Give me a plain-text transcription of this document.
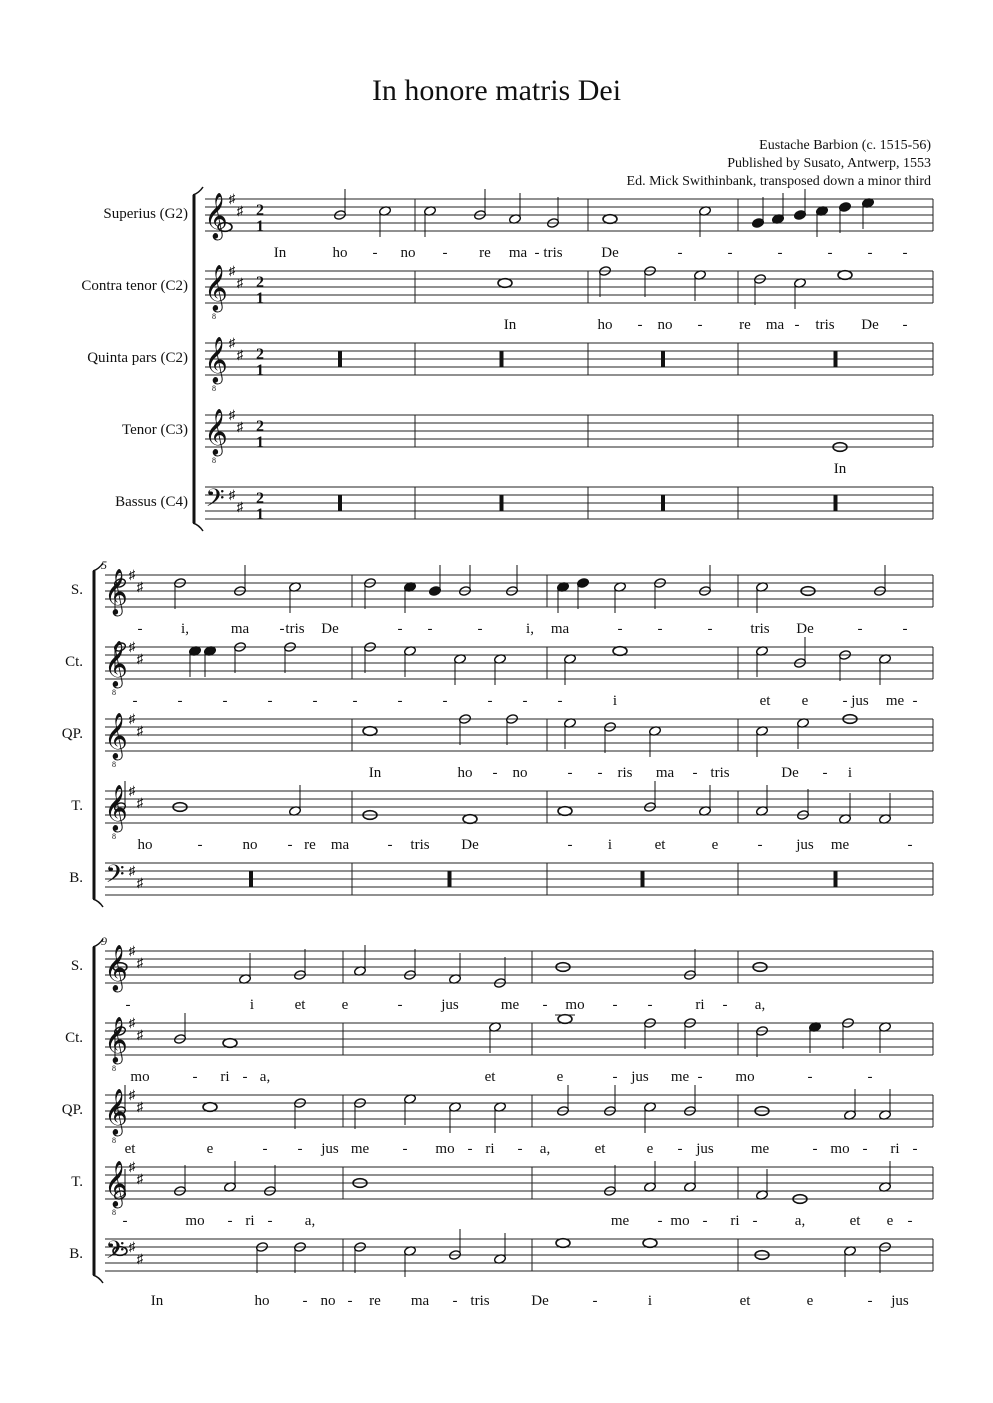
In honore matris Dei
Eustache Barbion (c. 1515-56)
Published by Susato, Antwerp, 1553
Ed. Mick Swithinbank, transposed down a minor third
Superius (G2) 𝄞 ♯
♯ 2
1
In	ho - no - re ma - tris	De	-	-	-	- - -
Contra tenor (C2) 𝄞
8
♯
♯ 2
1
In	ho - no - re ma - tris De -
Quinta pars (C2) 𝄞
8
♯
♯ 2
1
Tenor (C3) 𝄞
8
♯
♯ 2
1
In
Bassus (C4) 𝄢 ♯
♯ 2
1
5
S. 𝄞 ♯
♯
-	i,	ma - tris De	- -	-	i, ma	- -	-	tris De	-	-
Ct. 𝄞
8
♯
♯
-	-	-	-	- -	-	-	- - -	i	et e - jus me -
QP. 𝄞
8
♯
♯
In	ho - no	- - ris ma - tris	De - i
T. 𝄞
8
♯
♯
ho	-	no - re ma	- tris De	- i	et	e	- jus me	-
B. 𝄢 ♯
♯
9
S. 𝄞 ♯
♯
-	i	et e	-	jus	me - mo - -	ri - a,
Ct. 𝄞
8
♯
♯
mo	- ri - a,	et	e	- jus me - mo	-	-
QP. 𝄞
8
♯
♯
et	e	- - jus me - mo - ri - a,	et	e - jus me	- mo - ri -
T. 𝄞
8
♯
♯
-	mo - ri - a,	me - mo - ri - a,	et e -
B. 𝄢 ♯
♯
In	ho - no - re ma - tris	De	-	i	et	e	- jus
